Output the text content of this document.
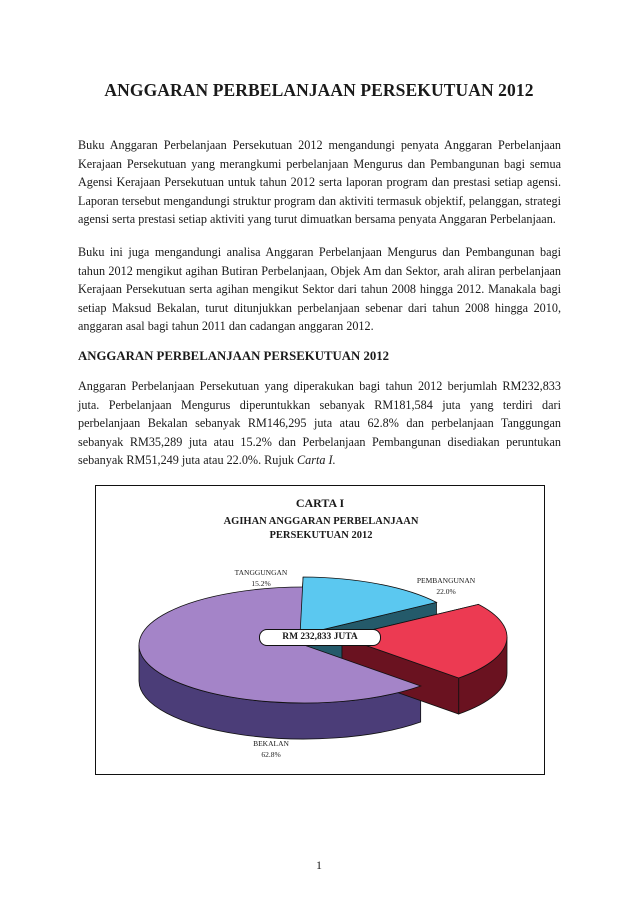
ANGGARAN PERBELANJAAN PERSEKUTUAN 2012

Buku Anggaran Perbelanjaan Persekutuan 2012 mengandungi penyata Anggaran Perbelanjaan Kerajaan Persekutuan yang merangkumi perbelanjaan Mengurus dan Pembangunan bagi semua Agensi Kerajaan Persekutuan untuk tahun 2012 serta laporan program dan prestasi setiap agensi. Laporan tersebut mengandungi struktur program dan aktiviti termasuk objektif, pelanggan, strategi agensi serta prestasi setiap aktiviti yang turut dimuatkan bersama penyata Anggaran Perbelanjaan.

Buku ini juga mengandungi analisa Anggaran Perbelanjaan Mengurus dan Pembangunan bagi tahun 2012 mengikut agihan Butiran Perbelanjaan, Objek Am dan Sektor, arah aliran perbelanjaan Kerajaan Persekutuan serta agihan mengikut Sektor dari tahun 2008 hingga 2012. Manakala bagi setiap Maksud Bekalan, turut ditunjukkan perbelanjaan sebenar dari tahun 2008 hingga 2010, anggaran asal bagi tahun 2011 dan cadangan anggaran 2012.

ANGGARAN PERBELANJAAN PERSEKUTUAN 2012

Anggaran Perbelanjaan Persekutuan yang diperakukan bagi tahun 2012 berjumlah RM232,833 juta. Perbelanjaan Mengurus diperuntukkan sebanyak RM181,584 juta yang terdiri dari perbelanjaan Bekalan sebanyak RM146,295 juta atau 62.8% dan perbelanjaan Tanggungan sebanyak RM35,289 juta atau 15.2% dan Perbelanjaan Pembangunan disediakan peruntukan sebanyak RM51,249 juta atau 22.0%. Rujuk Carta I.

CARTA I
AGIHAN ANGGARAN PERBELANJAAN
PERSEKUTUAN 2012
TANGGUNGAN
15.2%	PEMBANGUNAN
22.0%
BEKALAN
62.8%
RM 232,833 JUTA
1
